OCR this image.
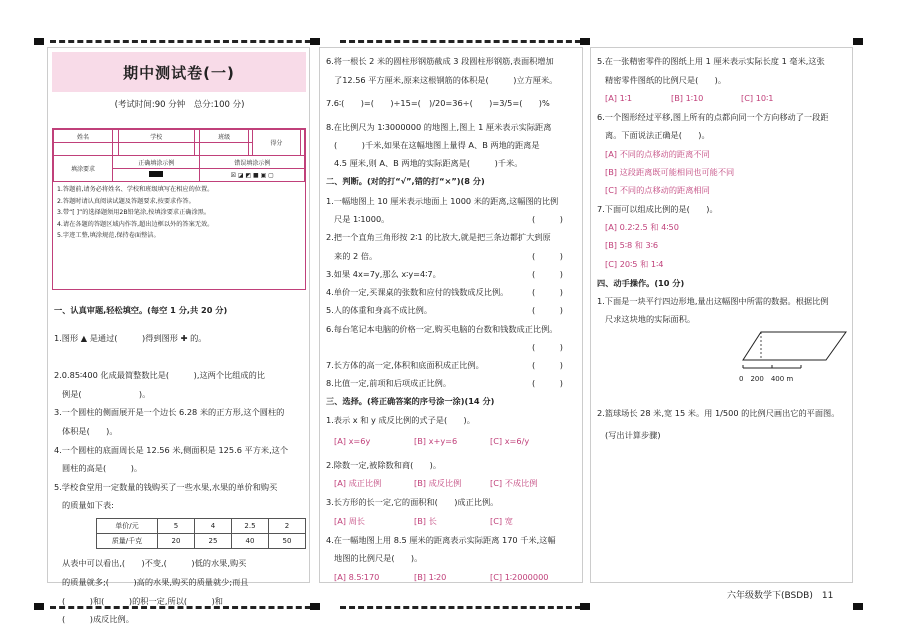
期中测试卷(一)
(考试时间:90 分钟　总分:100 分)
姓名		学校		班级		得分	

填涂要求	正确填涂示例			错误填涂示例			
				☒ ◪ ◩ ■ ▣ ▢			
1.答题前,请务必将姓名、学校和班级填写在相应的位置。
2.答题时请认真阅读试题及答题要求,按要求作答。
3.带“[ ]”的选择题须用2B铅笔涂,按填涂要求正确涂黑。
4.请在各题的答题区域内作答,超出边框以外的答案无效。
5.字迹工整,填涂规范,保持卷面整洁。
一、认真审题,轻松填空。(每空 1 分,共 20 分)
1.图形 ▲ 是通过(　　　)得到图形 ✚ 的。
2.0.85∶400 化成最简整数比是(　　　),这两个比组成的比
例是(　　　　　　　)。
3.一个圆柱的侧面展开是一个边长 6.28 米的正方形,这个圆柱的
体积是(　　)。
4.一个圆柱的底面周长是 12.56 米,侧面积是 125.6 平方米,这个
圆柱的高是(　　　)。
5.学校食堂用一定数量的钱购买了一些水果,水果的单价和购买
的质量如下表:
单价/元	5	4	2.5	2
质量/千克	20	25	40	50
从表中可以看出,(　　)不变,(　　　)低的水果,购买
的质量就多;(　　　)高的水果,购买的质量就少;而且
(　　　)和(　　　)的积一定,所以(　　　)和
(　　　)成反比例。
6.将一根长 2 米的圆柱形钢筋截成 3 段圆柱形钢筋,表面积增加
了12.56 平方厘米,原来这根钢筋的体积是(　　　)立方厘米。
7.6∶(　　)=(　　)÷15=(　)/20=36÷(　　)=3/5=(　　)%
8.在比例尺为 1∶3000000 的地图上,图上 1 厘米表示实际距离
(　　　)千米,如果在这幅地图上量得 A、B 两地的距离是
4.5 厘米,则 A、B 两地的实际距离是(　　　)千米。
二、判断。(对的打“√”,错的打“×”)(8 分)
1.一幅地图上 10 厘米表示地面上 1000 米的距离,这幅图的比例
尺是 1∶1000。	(　　　)
2.把一个直角三角形按 2∶1 的比放大,就是把三条边都扩大到原
来的 2 倍。	(　　　)
3.如果 4x=7y,那么 x∶y=4∶7。	(　　　)
4.单价一定,买课桌的张数和应付的钱数成反比例。	(　　　)
5.人的体重和身高不成比例。	(　　　)
6.每台笔记本电脑的价格一定,购买电脑的台数和钱数成正比例。
(　　　)
7.长方体的高一定,体积和底面积成正比例。	(　　　)
8.比值一定,前项和后项成正比例。	(　　　)
三、选择。(将正确答案的序号涂一涂)(14 分)
1.表示 x 和 y 成反比例的式子是(　　)。
[A] x=6y	[B] x+y=6	[C] x=6/y
2.除数一定,被除数和商(　　)。
[A] 成正比例	[B] 成反比例	[C] 不成比例
3.长方形的长一定,它的面积和(　　)成正比例。
[A] 周长	[B] 长	[C] 宽
4.在一幅地图上用 8.5 厘米的距离表示实际距离 170 千米,这幅
地图的比例尺是(　　)。
[A] 8.5∶170	[B] 1∶20	[C] 1∶2000000
5.在一张精密零件的图纸上用 1 厘米表示实际长度 1 毫米,这张
精密零件图纸的比例尺是(　　)。
[A] 1∶1	[B] 1∶10	[C] 10∶1
6.一个图形经过平移,图上所有的点都向同一个方向移动了一段距
离。下面说法正确是(　　)。
[A] 不同的点移动的距离不同
[B] 这段距离既可能相同也可能不同
[C] 不同的点移动的距离相同
7.下面可以组成比例的是(　　)。
[A] 0.2∶2.5 和 4∶50
[B] 5∶8 和 3∶6
[C] 20∶5 和 1∶4
四、动手操作。(10 分)
1.下面是一块平行四边形地,量出这幅图中所需的数据。根据比例
尺求这块地的实际面积。
0　200　400 m
2.篮球场长 28 米,宽 15 米。用 1/500 的比例尺画出它的平面图。
(写出计算步骤)
六年级数学下(BSDB)　11
